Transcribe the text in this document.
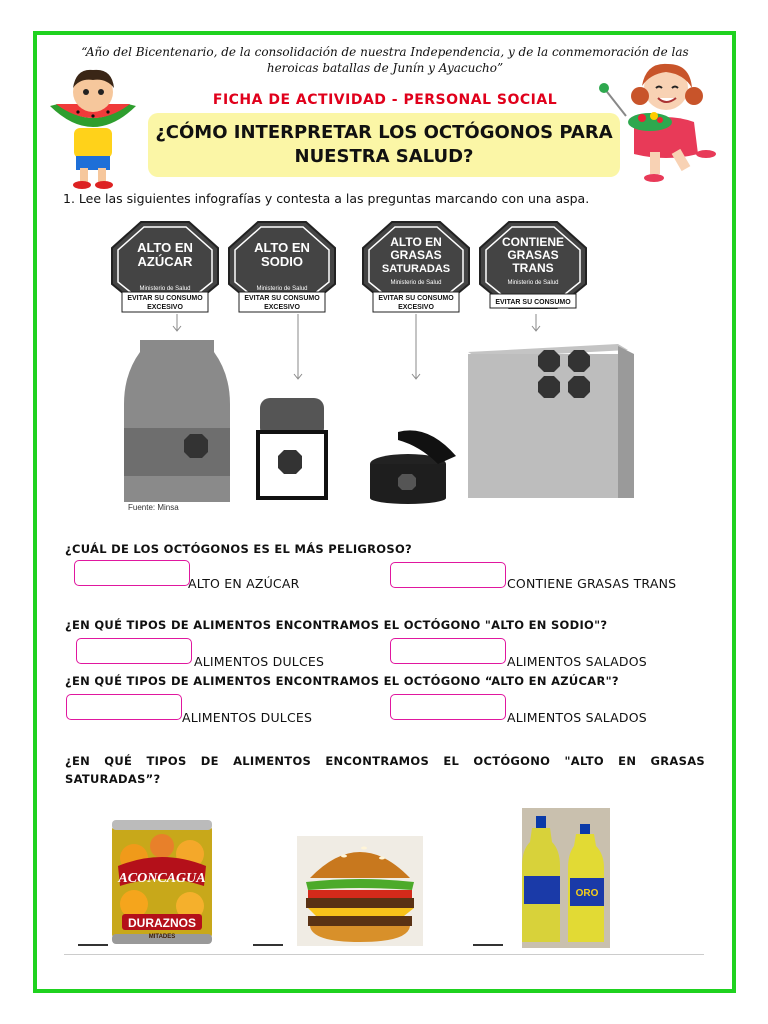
“Año del Bicentenario, de la consolidación de nuestra Independencia, y de la conmemoración de las heroicas batallas de Junín y Ayacucho”
FICHA DE ACTIVIDAD - PERSONAL SOCIAL
¿CÓMO INTERPRETAR LOS OCTÓGONOS PARA
NUESTRA SALUD?
1. Lee las siguientes infografías y contesta a las preguntas marcando con una aspa.
ALTO EN
AZÚCAR
Ministerio de Salud
EVITAR SU CONSUMO
EXCESIVO
ALTO EN
SODIO
Ministerio de Salud
EVITAR SU CONSUMO
EXCESIVO
ALTO EN
GRASAS
SATURADAS
Ministerio de Salud
EVITAR SU CONSUMO
EXCESIVO
CONTIENE
GRASAS
TRANS
Ministerio de Salud
EVITAR SU CONSUMO
Fuente: Minsa
¿CUÁL DE LOS OCTÓGONOS ES EL MÁS PELIGROSO?
ALTO EN AZÚCAR	CONTIENE GRASAS TRANS
¿EN QUÉ TIPOS DE ALIMENTOS ENCONTRAMOS EL OCTÓGONO "ALTO EN SODIO"?
ALIMENTOS DULCES	ALIMENTOS SALADOS
¿EN QUÉ TIPOS DE ALIMENTOS ENCONTRAMOS EL OCTÓGONO “ALTO EN AZÚCAR"?
ALIMENTOS DULCES	ALIMENTOS SALADOS
¿EN QUÉ TIPOS DE ALIMENTOS ENCONTRAMOS EL OCTÓGONO "ALTO EN GRASAS SATURADAS”?
ACONCAGUA
DURAZNOS
MITADES
ORO
